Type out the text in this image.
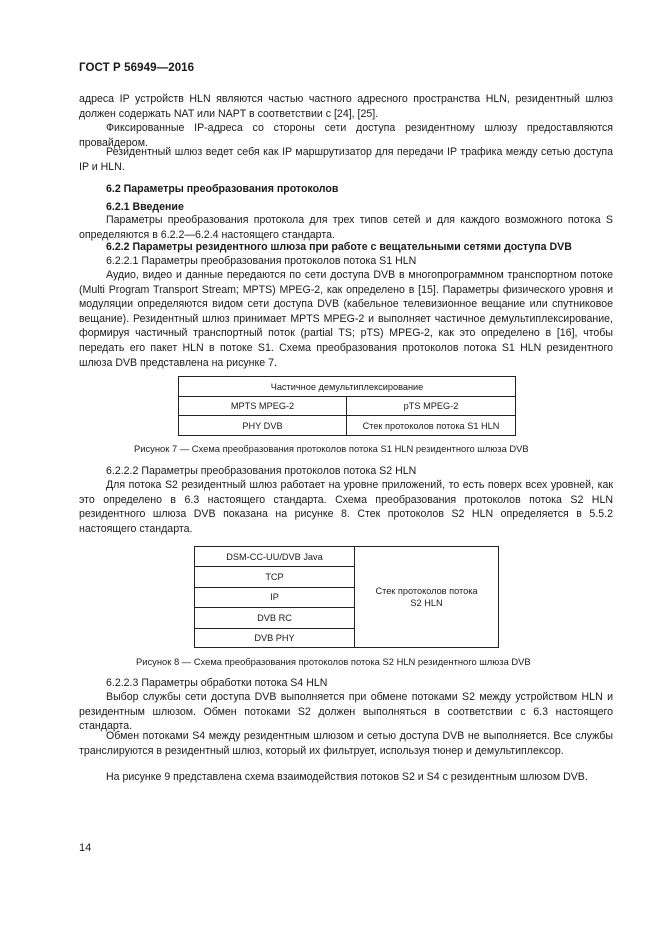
ГОСТ Р 56949—2016
адреса IP устройств HLN являются частью частного адресного пространства HLN, резидентный шлюз должен содержать NAT или NAPT в соответствии с [24], [25].
Фиксированные IP-адреса со стороны сети доступа резидентному шлюзу предоставляются провайдером.
Резидентный шлюз ведет себя как IP маршрутизатор для передачи IP трафика между сетью доступа IP и HLN.
6.2 Параметры преобразования протоколов
6.2.1 Введение
Параметры преобразования протокола для трех типов сетей и для каждого возможного потока S определяются в 6.2.2—6.2.4 настоящего стандарта.
6.2.2 Параметры резидентного шлюза при работе с вещательными сетями доступа DVB
6.2.2.1 Параметры преобразования протоколов потока S1 HLN
Аудио, видео и данные передаются по сети доступа DVB в многопрограммном транспортном потоке (Multi Program Transport Stream; MPTS) MPEG-2, как определено в [15]. Параметры физического уровня и модуляции определяются видом сети доступа DVB (кабельное телевизионное вещание или спутниковое вещание). Резидентный шлюз принимает MPTS MPEG-2 и выполняет частичное демультиплексирование, формируя частичный транспортный поток (partial TS; pTS) MPEG-2, как это определено в [16], чтобы передать его пакет HLN в потоке S1. Схема преобразования протоколов потока S1 HLN резидентного шлюза DVB представлена на рисунке 7.
Частичное демультиплексирование
MPTS MPEG-2	pTS MPEG-2
PHY DVB	Стек протоколов потока S1 HLN
Рисунок 7 — Схема преобразования протоколов потока S1 HLN резидентного шлюза DVB
6.2.2.2 Параметры преобразования протоколов потока S2 HLN
Для потока S2 резидентный шлюз работает на уровне приложений, то есть поверх всех уровней, как это определено в 6.3 настоящего стандарта. Схема преобразования протоколов потока S2 HLN резидентного шлюза DVB показана на рисунке 8. Стек протоколов S2 HLN определяется в 5.5.2 настоящего стандарта.
DSM-CC-UU/DVB Java
TCP
IP
DVB RC
DVB PHY
Стек протоколов потока S2 HLN
Рисунок 8 — Схема преобразования протоколов потока S2 HLN резидентного шлюза DVB
6.2.2.3 Параметры обработки потока S4 HLN
Выбор службы сети доступа DVB выполняется при обмене потоками S2 между устройством HLN и резидентным шлюзом. Обмен потоками S2 должен выполняться в соответствии с 6.3 настоящего стандарта.
Обмен потоками S4 между резидентным шлюзом и сетью доступа DVB не выполняется. Все службы транслируются в резидентный шлюз, который их фильтрует, используя тюнер и демультиплексор.
На рисунке 9 представлена схема взаимодействия потоков S2 и S4 с резидентным шлюзом DVB.
14
